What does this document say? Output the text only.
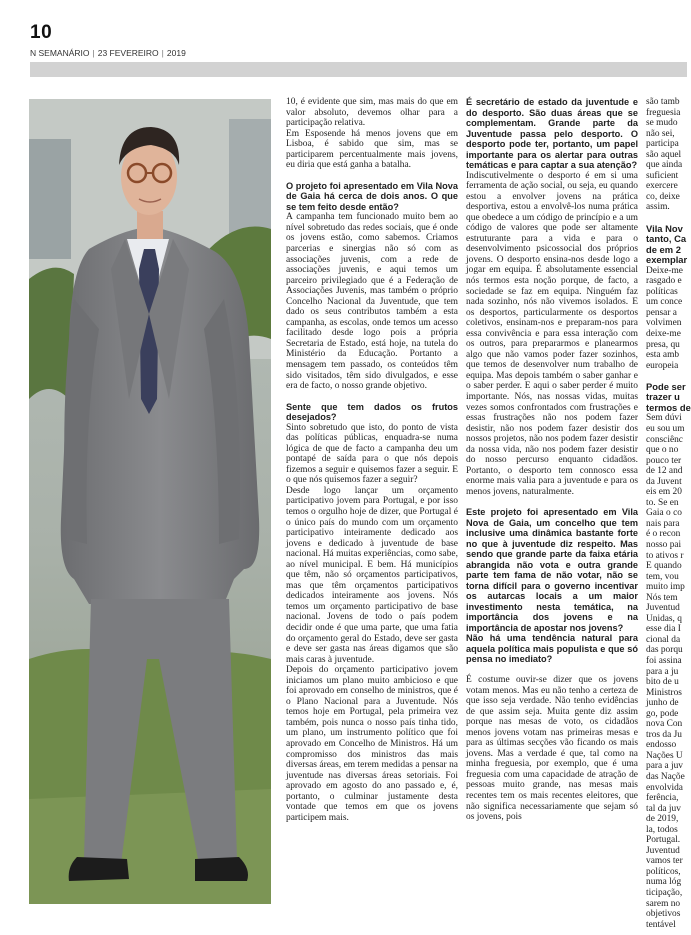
10
N SEMANÁRIO | 23 FEVEREIRO | 2019

10, é evidente que sim, mas mais do que em valor absoluto, devemos olhar para a participação relativa.

Em Esposende há menos jovens que em Lisboa, é sabido que sim, mas se participarem percentualmente mais jovens, eu diria que está ganha a batalha.

O projeto foi apresentado em Vila Nova de Gaia há cerca de dois anos. O que se tem feito desde então?

A campanha tem funcionado muito bem ao nível sobretudo das redes sociais, que é onde os jovens estão, como sabemos. Criamos parcerias e sinergias não só com as associações juvenis, com a rede de associações juvenis, e aqui temos um parceiro privilegiado que é a Federação de Associações Juvenis, mas também o próprio Concelho Nacional da Juventude, que tem dado os seus contributos também a esta campanha, as escolas, onde temos um acesso facilitado desde logo pois a própria Secretaria de Estado, está hoje, na tutela do Ministério da Educação. Portanto a mensagem tem passado, os conteúdos têm sido visitados, têm sido divulgados, e esse era de facto, o nosso grande objetivo.

Sente que tem dados os frutos desejados?

Sinto sobretudo que isto, do ponto de vista das políticas públicas, enquadra-se numa lógica de que de facto a campanha deu um pontapé de saída para o que nós depois fizemos a seguir e quisemos fazer a seguir. E o que nós quisemos fazer a seguir?

Desde logo lançar um orçamento participativo jovem para Portugal, e por isso temos o orgulho hoje de dizer, que Portugal é o único país do mundo com um orçamento participativo inteiramente dedicado aos jovens e dedicado à juventude de base nacional. Há muitas experiências, como sabe, ao nível municipal. E bem. Há municípios que têm, não só orçamentos participativos, mas que têm orçamentos participativos dedicados inteiramente aos jovens. Nós temos um orçamento participativo de base nacional. Jovens de todo o país podem decidir onde é que uma parte, que uma fatia do orçamento geral do Estado, deve ser gasta e deve ser gasta nas áreas digamos que são mais caras à juventude.

Depois do orçamento participativo jovem iniciamos um plano muito ambicioso e que foi aprovado em conselho de ministros, que é o Plano Nacional para a Juventude. Nós temos hoje em Portugal, pela primeira vez também, pois nunca o nosso país tinha tido, um plano, um instrumento político que foi aprovado em Concelho de Ministros. Há um compromisso dos ministros das mais diversas áreas, em terem medidas a pensar na juventude nas diversas áreas setoriais. Foi aprovado em agosto do ano passado e, é, portanto, o culminar justamente desta vontade que temos em que os jovens participem mais.

É secretário de estado da juventude e do desporto. São duas áreas que se complementam. Grande parte da Juventude passa pelo desporto. O desporto pode ter, portanto, um papel importante para os alertar para outras temáticas e para captar a sua atenção?

Indiscutivelmente o desporto é em si uma ferramenta de ação social, ou seja, eu quando estou a envolver jovens na prática desportiva, estou a envolvê-los numa prática que obedece a um código de princípio e a um código de valores que pode ser altamente estruturante para a vida e para o desenvolvimento psicossocial dos próprios jovens. O desporto ensina-nos desde logo a jogar em equipa. É absolutamente essencial nós termos esta noção porque, de facto, a sociedade se faz em equipa. Ninguém faz nada sozinho, nós não vivemos isolados. E os desportos, particularmente os desportos coletivos, ensinam-nos e preparam-nos para essa convivência e para essa interação com os outros, para prepararmos e planearmos algo que não vamos poder fazer sozinhos, que temos de desenvolver num trabalho de equipa. Mas depois também o saber ganhar e o saber perder. E aqui o saber perder é muito importante. Nós, nas nossas vidas, muitas vezes somos confrontados com frustrações e essas frustrações não nos podem fazer desistir, não nos podem fazer desistir dos nossos projetos, não nos podem fazer desistir da nossa vida, não nos podem fazer desistir do nosso percurso enquanto cidadãos. Portanto, o desporto tem connosco essa enorme mais valia para a juventude e para os menos jovens, naturalmente.

Este projeto foi apresentado em Vila Nova de Gaia, um concelho que tem inclusive uma dinâmica bastante forte no que à juventude diz respeito. Mas sendo que grande parte da faixa etária abrangida não vota e outra grande parte tem fama de não votar, não se torna difícil para o governo incentivar os autarcas locais a um maior investimento nesta temática, na importância dos jovens e na importância de apostar nos jovens?

Não há uma tendência natural para aquela política mais populista e que só pensa no imediato?

É costume ouvir-se dizer que os jovens votam menos. Mas eu não tenho a certeza de que isso seja verdade. Não tenho evidências de que assim seja. Muita gente diz assim porque nas mesas de voto, os cidadãos menos jovens votam nas primeiras mesas e para as últimas secções vão ficando os mais jovens. Mas a verdade é que, tal como na minha freguesia, por exemplo, que é uma freguesia com uma capacidade de atração de pessoas muito grande, nas mesas mais recentes tem os mais recentes eleitores, que não significa necessariamente que sejam só os jovens, pois

são tamb
freguesia
se mudo
não sei,
participa
são aquel
que ainda
suficient
exercere
co, deixe
assim.
Vila Nov
tanto, Ca
de em 2
exemplar
Deixe-me
rasgado e
políticas
um conce
pensar a
volvimen
deixe-me
presa, qu
esta amb
europeia
Pode ser
trazer u
termos de
Sem dúvi
eu sou um
consciênc
que o no
pouco ter
de 12 and
da Juvent
eis em 20
to. Se en
Gaia o co
nais para
é o recon
nosso pai
to ativos r
E quando
tem, vou
muito imp
Nós tem
Juventud
Unidas, q
esse dia I
cional da
das porqu
foi assina
para a ju
bito de u
Ministros
junho de
go, pode
nova Con
tros da Ju
endosso
Nações U
para a juv
das Naçõe
envolvida
ferência,
tal da juv
de 2019,
la, todos
Portugal.
Juventud
vamos ter
políticos,
numa lóg
ticipação,
sarem no
objetivos
tentável
